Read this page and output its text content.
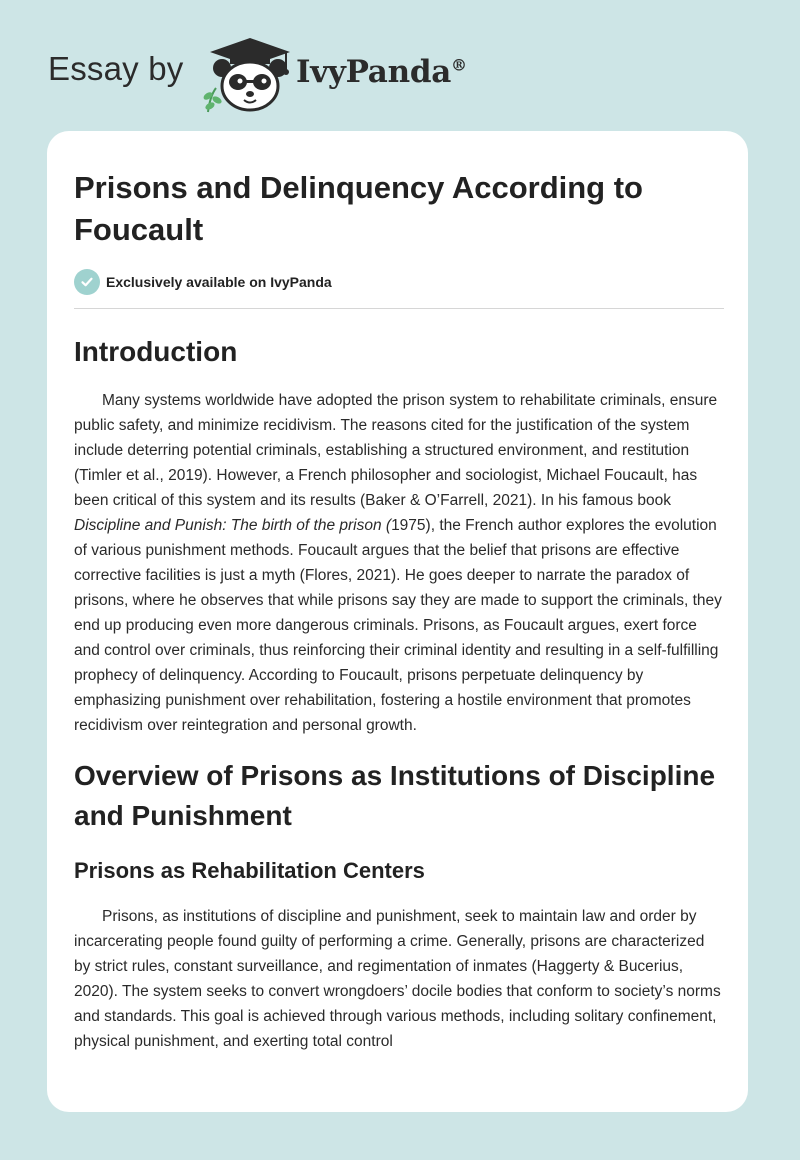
Essay by	IvyPanda®
Prisons and Delinquency According to Foucault
Exclusively available on IvyPanda
Introduction

Many systems worldwide have adopted the prison system to rehabilitate criminals, ensure public safety, and minimize recidivism. The reasons cited for the justification of the system include deterring potential criminals, establishing a structured environment, and restitution (Timler et al., 2019). However, a French philosopher and sociologist, Michael Foucault, has been critical of this system and its results (Baker & O’Farrell, 2021). In his famous book Discipline and Punish: The birth of the prison (1975), the French author explores the evolution of various punishment methods. Foucault argues that the belief that prisons are effective corrective facilities is just a myth (Flores, 2021). He goes deeper to narrate the paradox of prisons, where he observes that while prisons say they are made to support the criminals, they end up producing even more dangerous criminals. Prisons, as Foucault argues, exert force and control over criminals, thus reinforcing their criminal identity and resulting in a self-fulfilling prophecy of delinquency. According to Foucault, prisons perpetuate delinquency by emphasizing punishment over rehabilitation, fostering a hostile environment that promotes recidivism over reintegration and personal growth.

Overview of Prisons as Institutions of Discipline and Punishment
Prisons as Rehabilitation Centers

Prisons, as institutions of discipline and punishment, seek to maintain law and order by incarcerating people found guilty of performing a crime. Generally, prisons are characterized by strict rules, constant surveillance, and regimentation of inmates (Haggerty & Bucerius, 2020). The system seeks to convert wrongdoers’ docile bodies that conform to society’s norms and standards. This goal is achieved through various methods, including solitary confinement, physical punishment, and exerting total control
